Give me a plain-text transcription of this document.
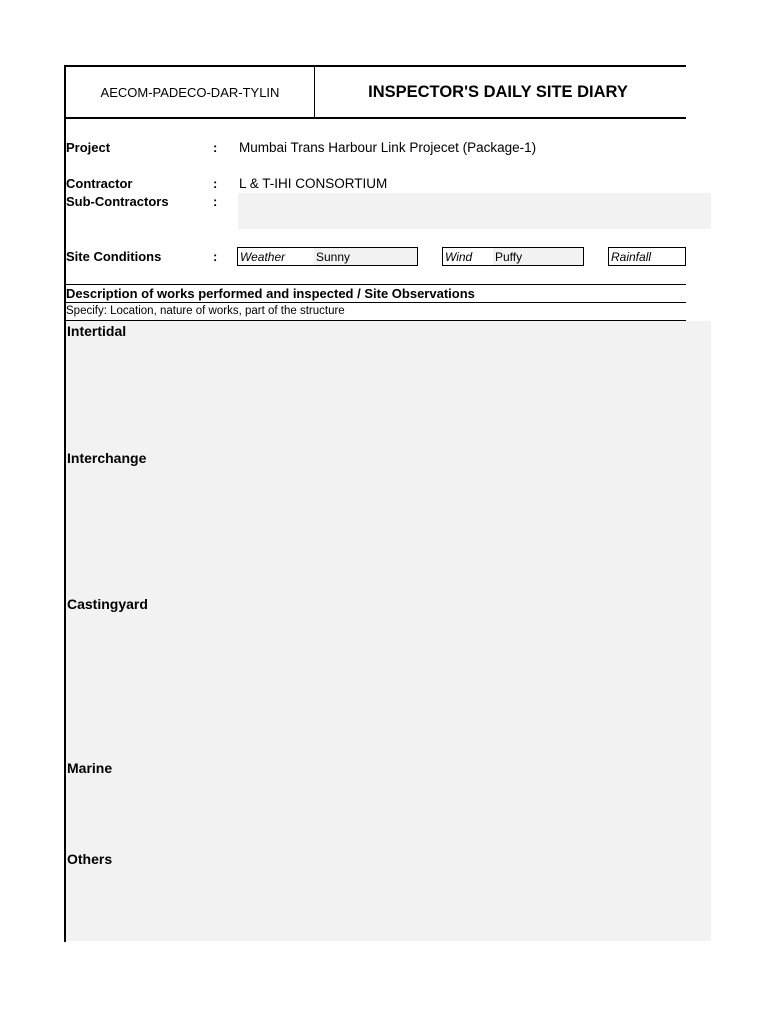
AECOM-PADECO-DAR-TYLIN	INSPECTOR'S DAILY SITE DIARY
Project	: Mumbai Trans Harbour Link Projecet (Package-1)
Contractor	: L & T-IHI CONSORTIUM
Sub-Contractors	:
Site Conditions	: Weather	Sunny	Wind	Puffy	Rainfall
Description of works performed and inspected / Site Observations
Specify: Location, nature of works, part of the structure
Intertidal
Interchange
Castingyard
Marine
Others
